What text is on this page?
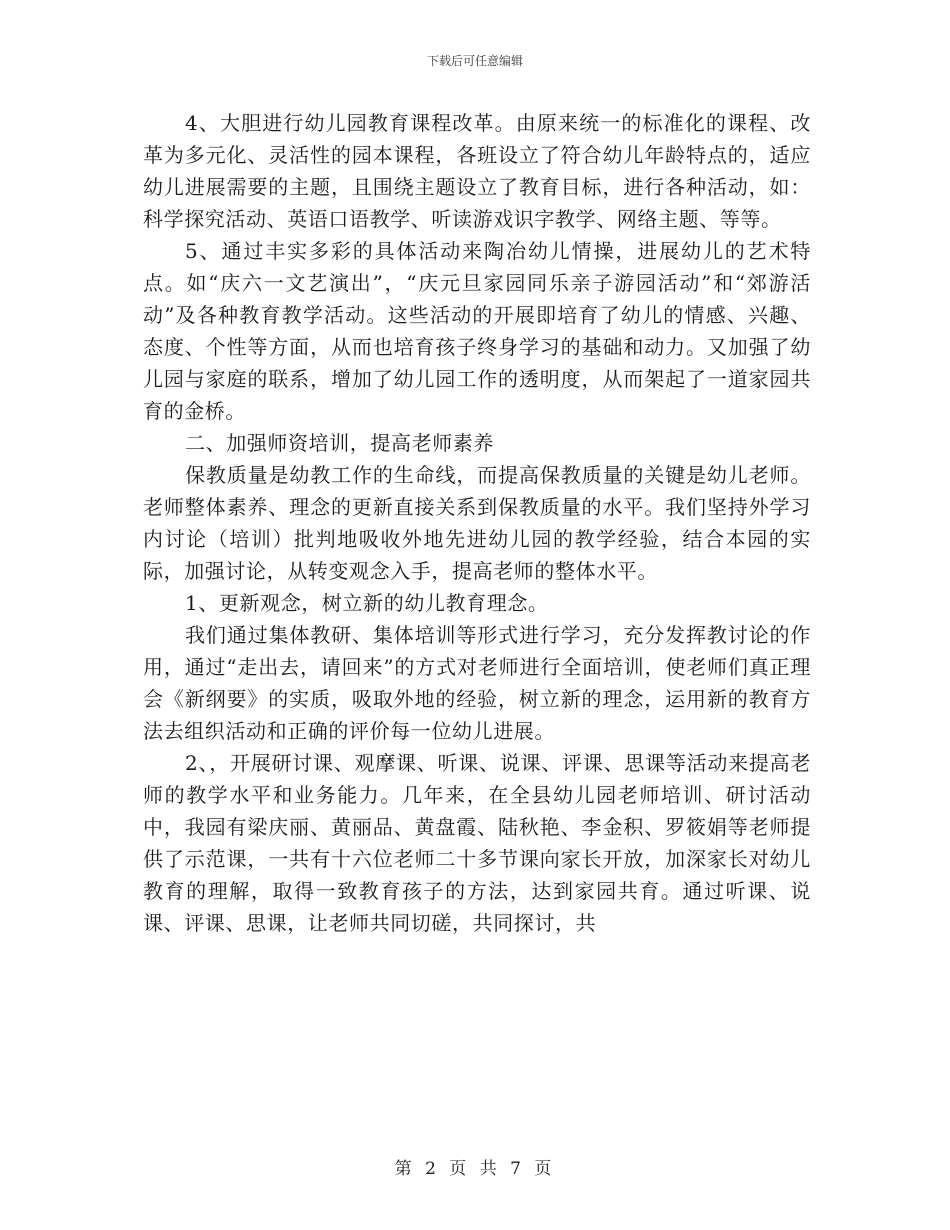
下载后可任意编辑

4、大胆进行幼儿园教育课程改革。由原来统一的标准化的课程、改革为多元化、灵活性的园本课程，各班设立了符合幼儿年龄特点的，适应幼儿进展需要的主题，且围绕主题设立了教育目标，进行各种活动，如：科学探究活动、英语口语教学、听读游戏识字教学、网络主题、等等。

5、通过丰实多彩的具体活动来陶冶幼儿情操，进展幼儿的艺术特点。如“庆六一文艺演出”，“庆元旦家园同乐亲子游园活动”和“郊游活动”及各种教育教学活动。这些活动的开展即培育了幼儿的情感、兴趣、态度、个性等方面，从而也培育孩子终身学习的基础和动力。又加强了幼儿园与家庭的联系，增加了幼儿园工作的透明度，从而架起了一道家园共育的金桥。

二、加强师资培训，提高老师素养

保教质量是幼教工作的生命线，而提高保教质量的关键是幼儿老师。老师整体素养、理念的更新直接关系到保教质量的水平。我们坚持外学习内讨论（培训）批判地吸收外地先进幼儿园的教学经验，结合本园的实际，加强讨论，从转变观念入手，提高老师的整体水平。

1、更新观念，树立新的幼儿教育理念。

我们通过集体教研、集体培训等形式进行学习，充分发挥教讨论的作用，通过“走出去，请回来”的方式对老师进行全面培训，使老师们真正理会《新纲要》的实质，吸取外地的经验，树立新的理念，运用新的教育方法去组织活动和正确的评价每一位幼儿进展。

2、，开展研讨课、观摩课、听课、说课、评课、思课等活动来提高老师的教学水平和业务能力。几年来，在全县幼儿园老师培训、研讨活动中，我园有梁庆丽、黄丽品、黄盘霞、陆秋艳、李金积、罗筱娟等老师提供了示范课，一共有十六位老师二十多节课向家长开放，加深家长对幼儿教育的理解，取得一致教育孩子的方法，达到家园共育。通过听课、说课、评课、思课，让老师共同切磋，共同探讨，共

第 2 页 共 7 页
